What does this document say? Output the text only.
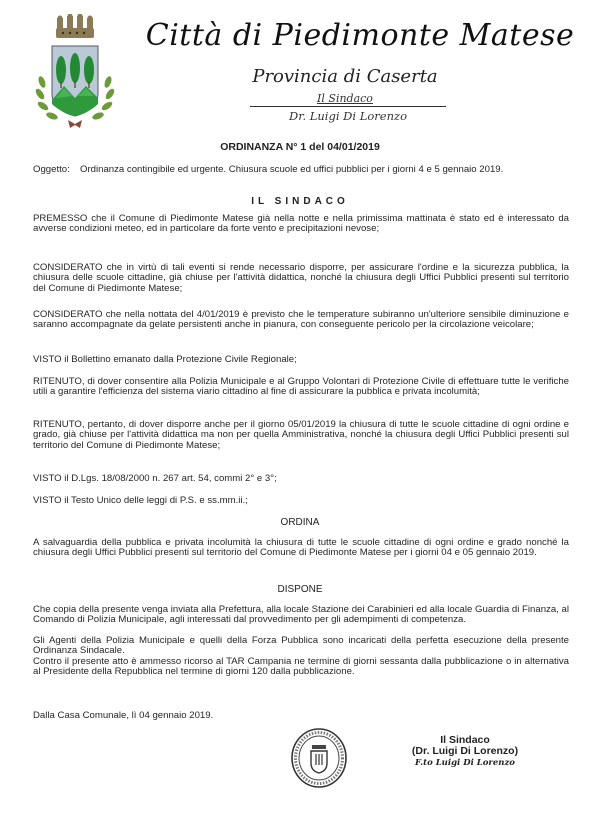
Città di Piedimonte Matese
Provincia di Caserta
Il Sindaco
Dr. Luigi Di Lorenzo
ORDINANZA N° 1 del 04/01/2019
Oggetto:	Ordinanza contingibile ed urgente. Chiusura scuole ed uffici pubblici per i giorni 4 e 5 gennaio 2019.
IL SINDACO
PREMESSO che il Comune di Piedimonte Matese già nella notte e nella primissima mattinata è stato ed è interessato da avverse condizioni meteo, ed in particolare da forte vento e precipitazioni nevose;
CONSIDERATO che in virtù di tali eventi si rende necessario disporre, per assicurare l'ordine e la sicurezza pubblica, la chiusura delle scuole cittadine, già chiuse per l'attività didattica, nonché la chiusura degli Uffici Pubblici presenti sul territorio del Comune di Piedimonte Matese;
CONSIDERATO che nella nottata del 4/01/2019 è previsto che le temperature subiranno un'ulteriore sensibile diminuzione e saranno accompagnate da gelate persistenti anche in pianura, con conseguente pericolo per la circolazione veicolare;
VISTO il Bollettino emanato dalla Protezione Civile Regionale;
RITENUTO, di dover consentire alla Polizia Municipale e al Gruppo Volontari di Protezione Civile di effettuare tutte le verifiche utili a garantire l'efficienza del sistema viario cittadino al fine di assicurare la pubblica e privata incolumità;
RITENUTO, pertanto, di dover disporre anche per il giorno 05/01/2019 la chiusura di tutte le scuole cittadine di ogni ordine e grado, già chiuse per l'attività didattica ma non per quella Amministrativa, nonché la chiusura degli Uffici Pubblici presenti sul territorio del Comune di Piedimonte Matese;
VISTO il D.Lgs. 18/08/2000 n. 267 art. 54, commi 2° e 3°;
VISTO il Testo Unico delle leggi di P.S. e ss.mm.ii.;
ORDINA
A salvaguardia della pubblica e privata incolumità la chiusura di tutte le scuole cittadine di ogni ordine e grado nonché la chiusura degli Uffici Pubblici presenti sul territorio del Comune di Piedimonte Matese per i giorni 04 e 05 gennaio 2019.
DISPONE
Che copia della presente venga inviata alla Prefettura, alla locale Stazione dei Carabinieri ed alla locale Guardia di Finanza, al Comando di Polizia Municipale, agli interessati dal provvedimento per gli adempimenti di competenza.
Gli Agenti della Polizia Municipale e quelli della Forza Pubblica sono incaricati della perfetta esecuzione della presente Ordinanza Sindacale.
Contro il presente atto è ammesso ricorso al TAR Campania ne termine di giorni sessanta dalla pubblicazione o in alternativa al Presidente della Repubblica nel termine di giorni 120 dalla pubblicazione.
Dalla Casa Comunale, lì 04 gennaio 2019.
Il Sindaco
(Dr. Luigi Di Lorenzo)
F.to Luigi Di Lorenzo
